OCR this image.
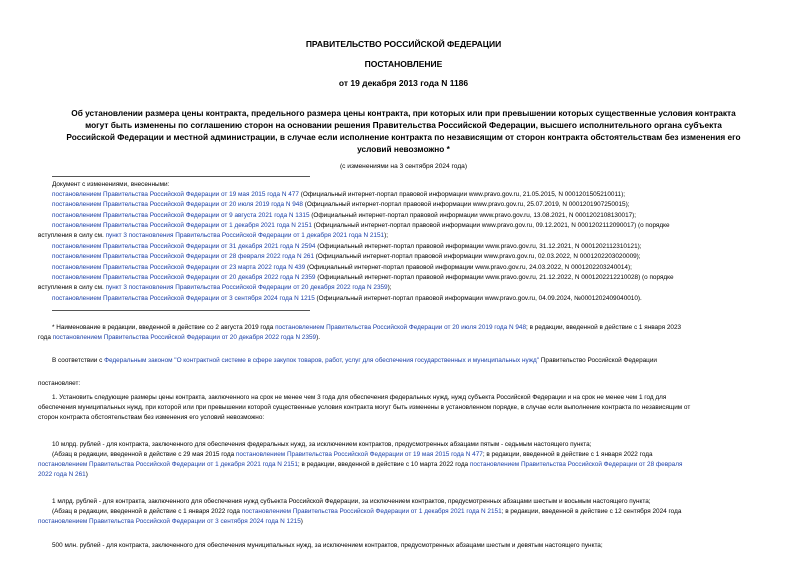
ПРАВИТЕЛЬСТВО РОССИЙСКОЙ ФЕДЕРАЦИИ
ПОСТАНОВЛЕНИЕ
от 19 декабря 2013 года N 1186
Об установлении размера цены контракта, предельного размера цены контракта, при которых или при превышении которых существенные условия контракта
могут быть изменены по соглашению сторон на основании решения Правительства Российской Федерации, высшего исполнительного органа субъекта
Российской Федерации и местной администрации, в случае если исполнение контракта по независящим от сторон контракта обстоятельствам без изменения его
условий невозможно *
(с изменениями на 3 сентября 2024 года)
Документ с изменениями, внесенными:
постановлением Правительства Российской Федерации от 19 мая 2015 года N 477 (Официальный интернет-портал правовой информации www.pravo.gov.ru, 21.05.2015, N 0001201505210011);
постановлением Правительства Российской Федерации от 20 июля 2019 года N 948 (Официальный интернет-портал правовой информации www.pravo.gov.ru, 25.07.2019, N 0001201907250015);
постановлением Правительства Российской Федерации от 9 августа 2021 года N 1315 (Официальный интернет-портал правовой информации www.pravo.gov.ru, 13.08.2021, N 0001202108130017);
постановлением Правительства Российской Федерации от 1 декабря 2021 года N 2151 (Официальный интернет-портал правовой информации www.pravo.gov.ru, 09.12.2021, N 0001202112090017) (о порядке
вступления в силу см. пункт 3 постановления Правительства Российской Федерации от 1 декабря 2021 года N 2151);
постановлением Правительства Российской Федерации от 31 декабря 2021 года N 2594 (Официальный интернет-портал правовой информации www.pravo.gov.ru, 31.12.2021, N 0001202112310121);
постановлением Правительства Российской Федерации от 28 февраля 2022 года N 261 (Официальный интернет-портал правовой информации www.pravo.gov.ru, 02.03.2022, N 0001202203020009);
постановлением Правительства Российской Федерации от 23 марта 2022 года N 439 (Официальный интернет-портал правовой информации www.pravo.gov.ru, 24.03.2022, N 0001202203240014);
постановлением Правительства Российской Федерации от 20 декабря 2022 года N 2359 (Официальный интернет-портал правовой информации www.pravo.gov.ru, 21.12.2022, N 0001202212210028) (о порядке
вступления в силу см. пункт 3 постановления Правительства Российской Федерации от 20 декабря 2022 года N 2359);
постановлением Правительства Российской Федерации от 3 сентября 2024 года N 1215 (Официальный интернет-портал правовой информации www.pravo.gov.ru, 04.09.2024, №0001202409040010).
* Наименование в редакции, введенной в действие со 2 августа 2019 года постановлением Правительства Российской Федерации от 20 июля 2019 года N 948; в редакции, введенной в действие с 1 января 2023
года постановлением Правительства Российской Федерации от 20 декабря 2022 года N 2359).
В соответствии с Федеральным законом "О контрактной системе в сфере закупок товаров, работ, услуг для обеспечения государственных и муниципальных нужд" Правительство Российской Федерации
постановляет:
1. Установить следующие размеры цены контракта, заключенного на срок не менее чем 3 года для обеспечения федеральных нужд, нужд субъекта Российской Федерации и на срок не менее чем 1 год для
обеспечения муниципальных нужд, при которой или при превышении которой существенные условия контракта могут быть изменены в установленном порядке, в случае если выполнение контракта по независящим от
сторон контракта обстоятельствам без изменения его условий невозможно:
10 млрд. рублей - для контракта, заключенного для обеспечения федеральных нужд, за исключением контрактов, предусмотренных абзацами пятым - седьмым настоящего пункта;
(Абзац в редакции, введенной в действие с 29 мая 2015 года постановлением Правительства Российской Федерации от 19 мая 2015 года N 477; в редакции, введенной в действие с 1 января 2022 года
постановлением Правительства Российской Федерации от 1 декабря 2021 года N 2151; в редакции, введенной в действие с 10 марта 2022 года постановлением Правительства Российской Федерации от 28 февраля
2022 года N 261)
1 млрд. рублей - для контракта, заключенного для обеспечения нужд субъекта Российской Федерации, за исключением контрактов, предусмотренных абзацами шестым и восьмым настоящего пункта;
(Абзац в редакции, введенной в действие с 1 января 2022 года постановлением Правительства Российской Федерации от 1 декабря 2021 года N 2151; в редакции, введенной в действие с 12 сентября 2024 года
постановлением Правительства Российской Федерации от 3 сентября 2024 года N 1215)
500 млн. рублей - для контракта, заключенного для обеспечения муниципальных нужд, за исключением контрактов, предусмотренных абзацами шестым и девятым настоящего пункта;
